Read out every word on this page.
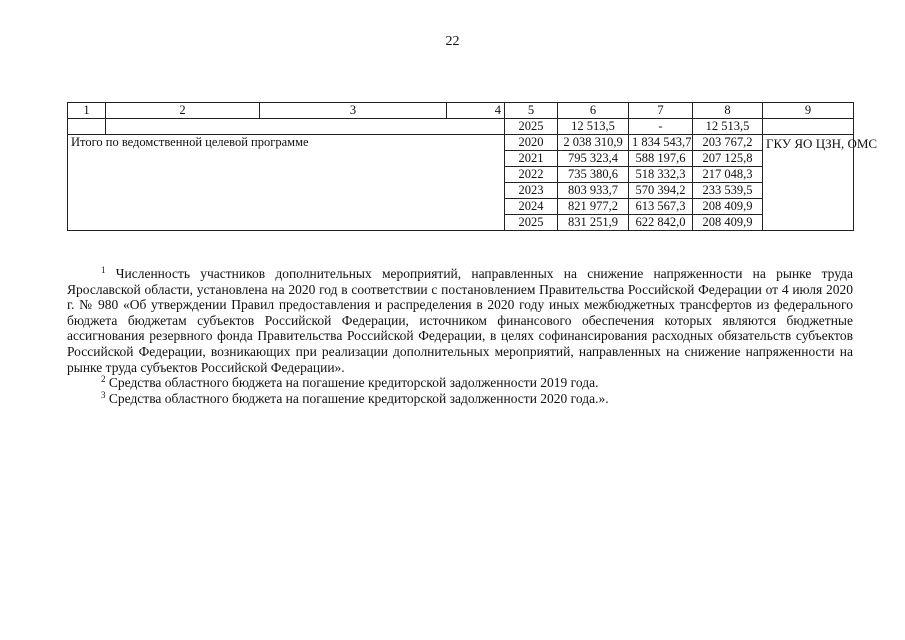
22
1	2	3	4	5	6	7	8	9
				2025	12 513,5	-	12 513,5	
Итого по ведомственной целевой программе				2020	2 038 310,9	1 834 543,7	203 767,2	ГКУ ЯО ЦЗН, ОМС
				2021	795 323,4	588 197,6	207 125,8	
				2022	735 380,6	518 332,3	217 048,3	
				2023	803 933,7	570 394,2	233 539,5	
				2024	821 977,2	613 567,3	208 409,9	
				2025	831 251,9	622 842,0	208 409,9	

$^1$ Численность участников дополнительных мероприятий, направленных на снижение напряженности на рынке труда Ярославской области, установлена на 2020 год в соответствии с постановлением Правительства Российской Федерации от 4 июля 2020 г. № 980 «Об утверждении Правил предоставления и распределения в 2020 году иных межбюджетных трансфертов из федерального бюджета бюджетам субъектов Российской Федерации, источником финансового обеспечения которых являются бюджетные ассигнования резервного фонда Правительства Российской Федерации, в целях софинансирования расходных обязательств субъектов Российской Федерации, возникающих при реализации дополнительных мероприятий, направленных на снижение напряженности на рынке труда субъектов Российской Федерации».

$^2$ Средства областного бюджета на погашение кредиторской задолженности 2019 года.

$^3$ Средства областного бюджета на погашение кредиторской задолженности 2020 года.».
